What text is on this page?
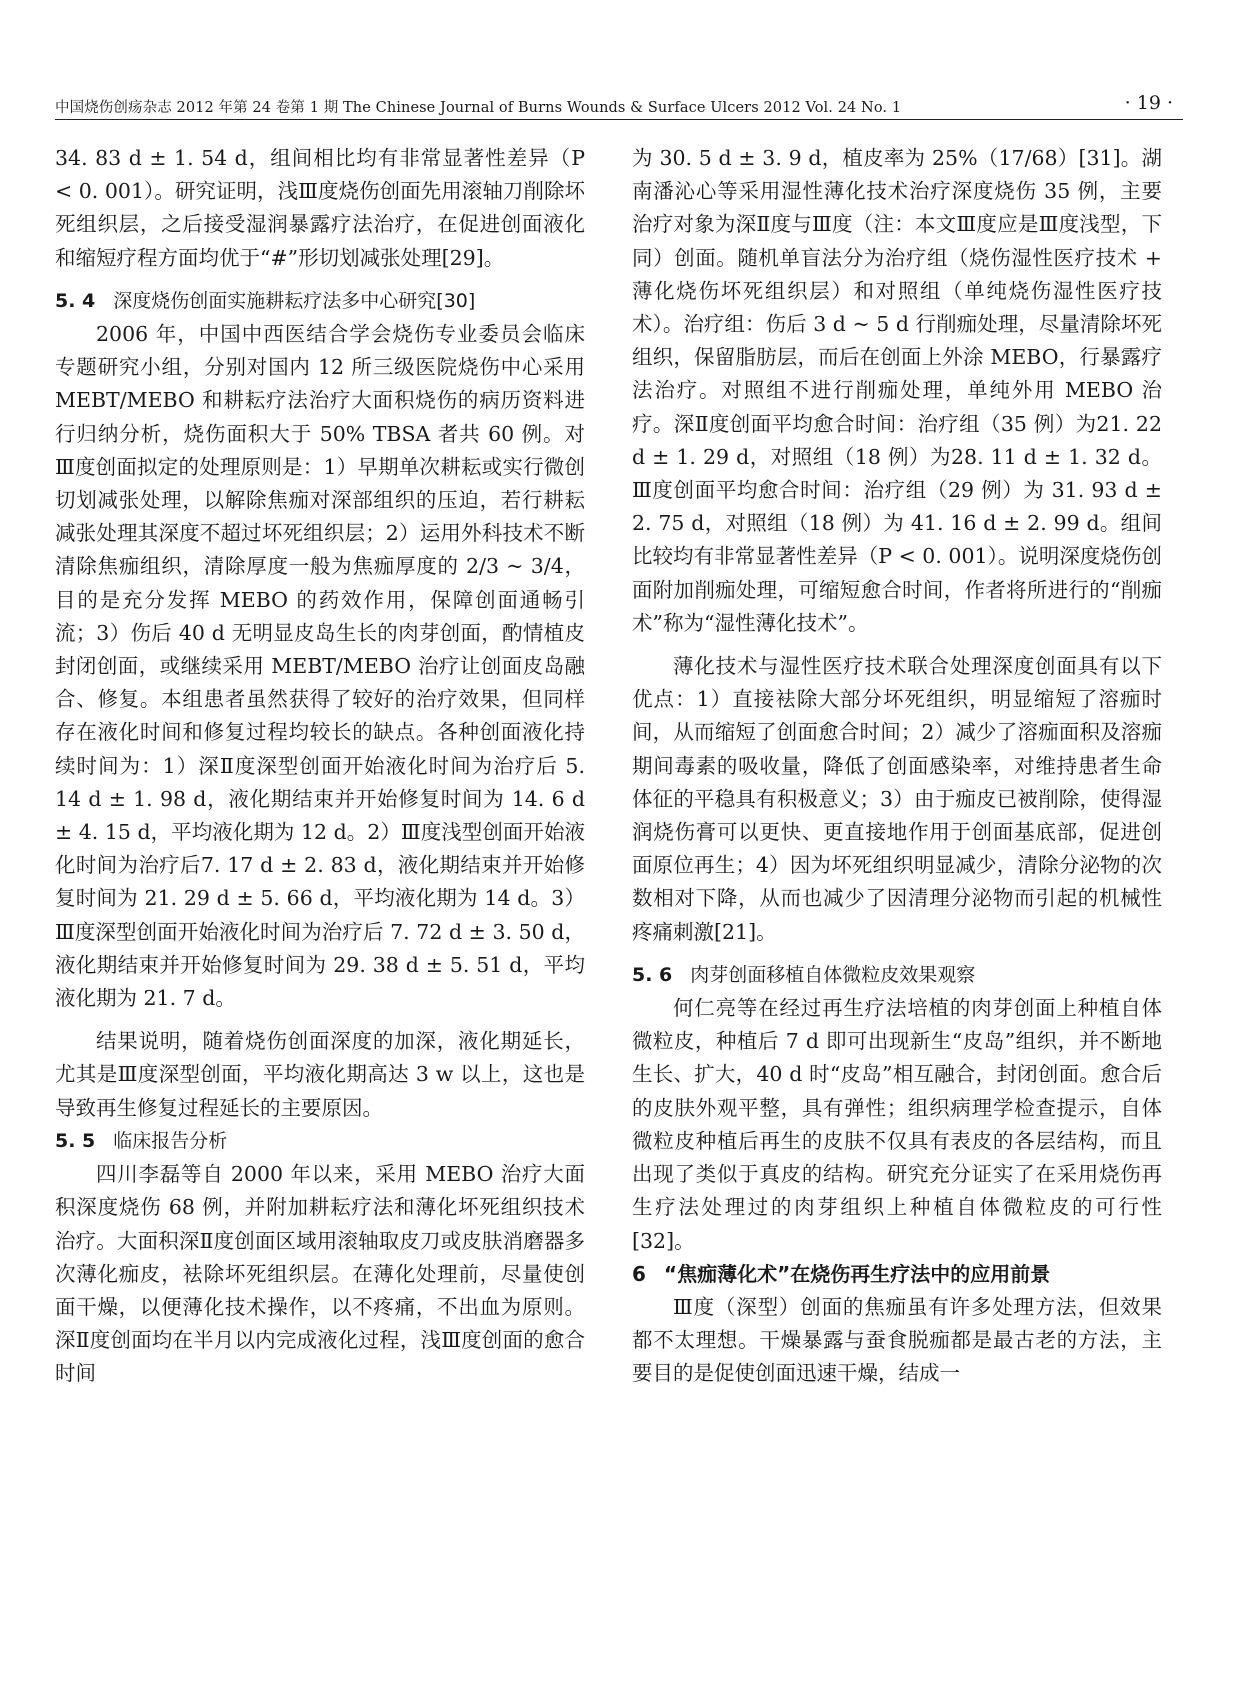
中国烧伤创疡杂志 2012 年第 24 卷第 1 期 The Chinese Journal of Burns Wounds & Surface Ulcers 2012 Vol. 24 No. 1	· 19 ·

34. 83 d ± 1. 54 d，组间相比均有非常显著性差异（P < 0. 001）。研究证明，浅Ⅲ度烧伤创面先用滚轴刀削除坏死组织层，之后接受湿润暴露疗法治疗，在促进创面液化和缩短疗程方面均优于“#”形切划减张处理[29]。

5. 4 深度烧伤创面实施耕耘疗法多中心研究[30]

2006 年，中国中西医结合学会烧伤专业委员会临床专题研究小组，分别对国内 12 所三级医院烧伤中心采用 MEBT/MEBO 和耕耘疗法治疗大面积烧伤的病历资料进行归纳分析，烧伤面积大于 50% TBSA 者共 60 例。对Ⅲ度创面拟定的处理原则是：1）早期单次耕耘或实行微创切划减张处理，以解除焦痂对深部组织的压迫，若行耕耘减张处理其深度不超过坏死组织层；2）运用外科技术不断清除焦痂组织，清除厚度一般为焦痂厚度的 2/3 ~ 3/4，目的是充分发挥 MEBO 的药效作用，保障创面通畅引流；3）伤后 40 d 无明显皮岛生长的肉芽创面，酌情植皮封闭创面，或继续采用 MEBT/MEBO 治疗让创面皮岛融合、修复。本组患者虽然获得了较好的治疗效果，但同样存在液化时间和修复过程均较长的缺点。各种创面液化持续时间为：1）深Ⅱ度深型创面开始液化时间为治疗后 5. 14 d ± 1. 98 d，液化期结束并开始修复时间为 14. 6 d ± 4. 15 d，平均液化期为 12 d。2）Ⅲ度浅型创面开始液化时间为治疗后7. 17 d ± 2. 83 d，液化期结束并开始修复时间为 21. 29 d ± 5. 66 d，平均液化期为 14 d。3）Ⅲ度深型创面开始液化时间为治疗后 7. 72 d ± 3. 50 d，液化期结束并开始修复时间为 29. 38 d ± 5. 51 d，平均液化期为 21. 7 d。

结果说明，随着烧伤创面深度的加深，液化期延长，尤其是Ⅲ度深型创面，平均液化期高达 3 w 以上，这也是导致再生修复过程延长的主要原因。

5. 5 临床报告分析

四川李磊等自 2000 年以来，采用 MEBO 治疗大面积深度烧伤 68 例，并附加耕耘疗法和薄化坏死组织技术治疗。大面积深Ⅱ度创面区域用滚轴取皮刀或皮肤消磨器多次薄化痂皮，袪除坏死组织层。在薄化处理前，尽量使创面干燥，以便薄化技术操作，以不疼痛，不出血为原则。深Ⅱ度创面均在半月以内完成液化过程，浅Ⅲ度创面的愈合时间

为 30. 5 d ± 3. 9 d，植皮率为 25%（17/68）[31]。湖南潘沁心等采用湿性薄化技术治疗深度烧伤 35 例，主要治疗对象为深Ⅱ度与Ⅲ度（注：本文Ⅲ度应是Ⅲ度浅型，下同）创面。随机单盲法分为治疗组（烧伤湿性医疗技术 + 薄化烧伤坏死组织层）和对照组（单纯烧伤湿性医疗技术）。治疗组：伤后 3 d ~ 5 d 行削痂处理，尽量清除坏死组织，保留脂肪层，而后在创面上外涂 MEBO，行暴露疗法治疗。对照组不进行削痂处理，单纯外用 MEBO 治疗。深Ⅱ度创面平均愈合时间：治疗组（35 例）为21. 22 d ± 1. 29 d，对照组（18 例）为28. 11 d ± 1. 32 d。Ⅲ度创面平均愈合时间：治疗组（29 例）为 31. 93 d ± 2. 75 d，对照组（18 例）为 41. 16 d ± 2. 99 d。组间比较均有非常显著性差异（P < 0. 001）。说明深度烧伤创面附加削痂处理，可缩短愈合时间，作者将所进行的“削痂术”称为“湿性薄化技术”。

薄化技术与湿性医疗技术联合处理深度创面具有以下优点：1）直接袪除大部分坏死组织，明显缩短了溶痂时间，从而缩短了创面愈合时间；2）减少了溶痂面积及溶痂期间毒素的吸收量，降低了创面感染率，对维持患者生命体征的平稳具有积极意义；3）由于痂皮已被削除，使得湿润烧伤膏可以更快、更直接地作用于创面基底部，促进创面原位再生；4）因为坏死组织明显减少，清除分泌物的次数相对下降，从而也减少了因清理分泌物而引起的机械性疼痛刺激[21]。

5. 6 肉芽创面移植自体微粒皮效果观察

何仁亮等在经过再生疗法培植的肉芽创面上种植自体微粒皮，种植后 7 d 即可出现新生“皮岛”组织，并不断地生长、扩大，40 d 时“皮岛”相互融合，封闭创面。愈合后的皮肤外观平整，具有弹性；组织病理学检查提示，自体微粒皮种植后再生的皮肤不仅具有表皮的各层结构，而且出现了类似于真皮的结构。研究充分证实了在采用烧伤再生疗法处理过的肉芽组织上种植自体微粒皮的可行性[32]。

6 “焦痂薄化术”在烧伤再生疗法中的应用前景

Ⅲ度（深型）创面的焦痂虽有许多处理方法，但效果都不太理想。干燥暴露与蚕食脱痂都是最古老的方法，主要目的是促使创面迅速干燥，结成一
